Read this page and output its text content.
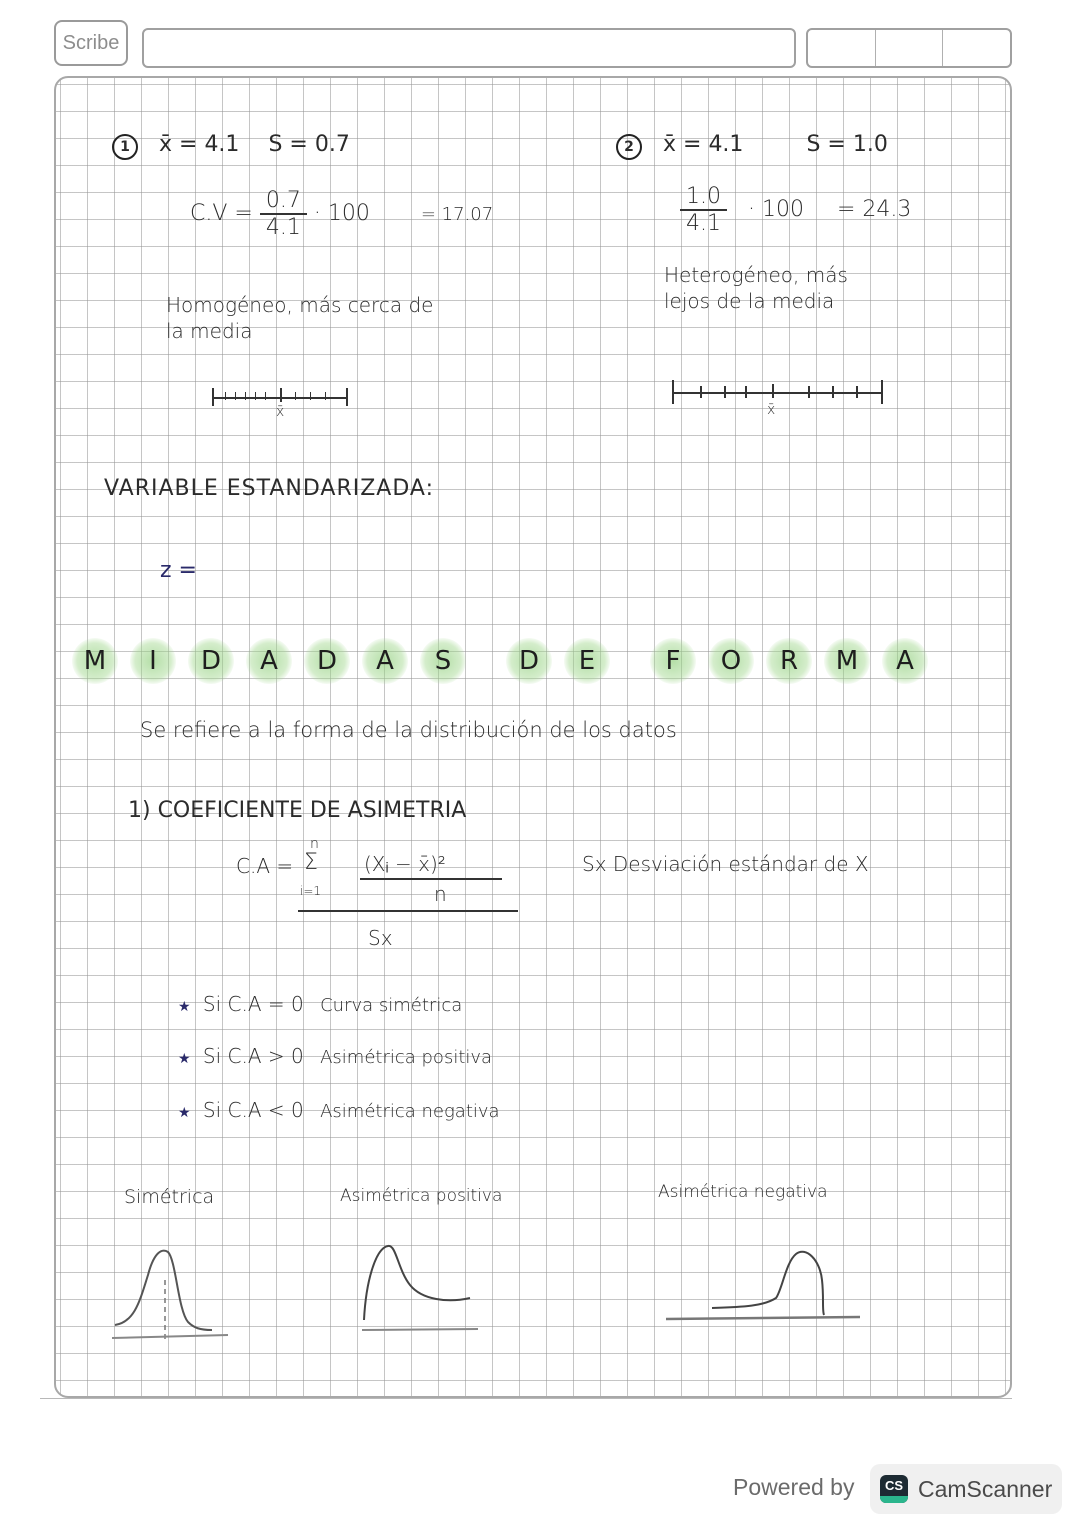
Scribe
1 x̄ = 4.1 S = 0.7
$C.V = \frac{0.7}{4.1} \cdot 100$	= 17.07
Homogéneo, más cerca de
la media
x̄
2 x̄ = 4.1	S = 1.0
$\frac{1.0}{4.1} \cdot 100 = 24.3$
Heterogéneo, más
lejos de la media
x̄
VARIABLE ESTANDARIZADA:
z =
M	I	D	A	D	A	S	D	E	F	O	R	M	A
Se refiere a la forma de la distribución de los datos
1) COEFICIENTE DE ASIMETRIA
C.A =
n
Σ
i=1
(Xᵢ − x̄)²
n
Sx
Sx Desviación estándar de X
★ Si C.A = 0 Curva simétrica
★ Si C.A > 0 Asimétrica positiva
★ Si C.A < 0 Asimétrica negativa
Simétrica	Asimétrica positiva	Asimétrica negativa
Powered by	CS CamScanner
